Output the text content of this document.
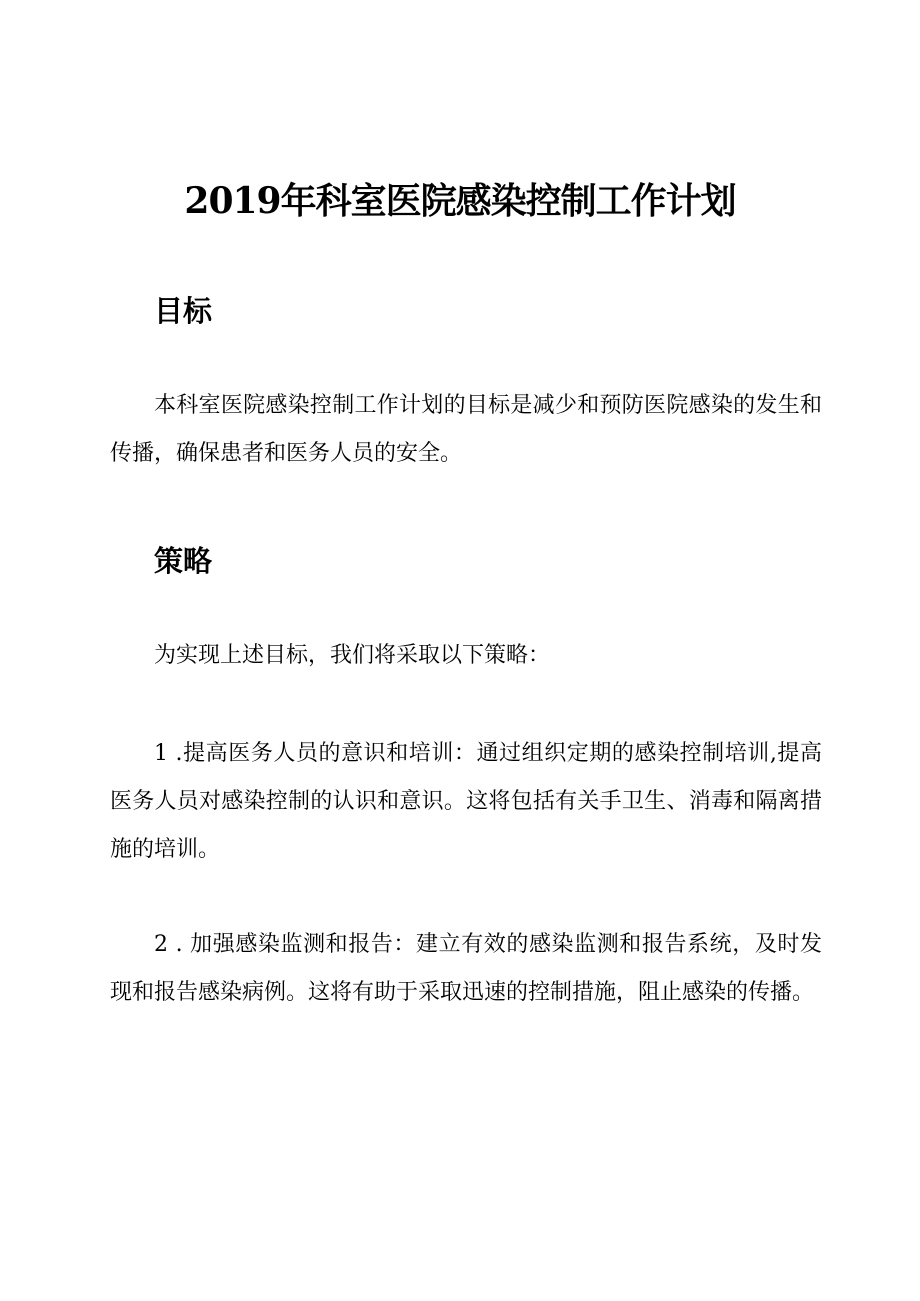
2019年科室医院感染控制工作计划
目标

本科室医院感染控制工作计划的目标是减少和预防医院感染的发生和传播，确保患者和医务人员的安全。

策略

为实现上述目标，我们将采取以下策略：

1 .提高医务人员的意识和培训：通过组织定期的感染控制培训,提高医务人员对感染控制的认识和意识。这将包括有关手卫生、消毒和隔离措施的培训。

2 . 加强感染监测和报告：建立有效的感染监测和报告系统，及时发现和报告感染病例。这将有助于采取迅速的控制措施，阻止感染的传播。
